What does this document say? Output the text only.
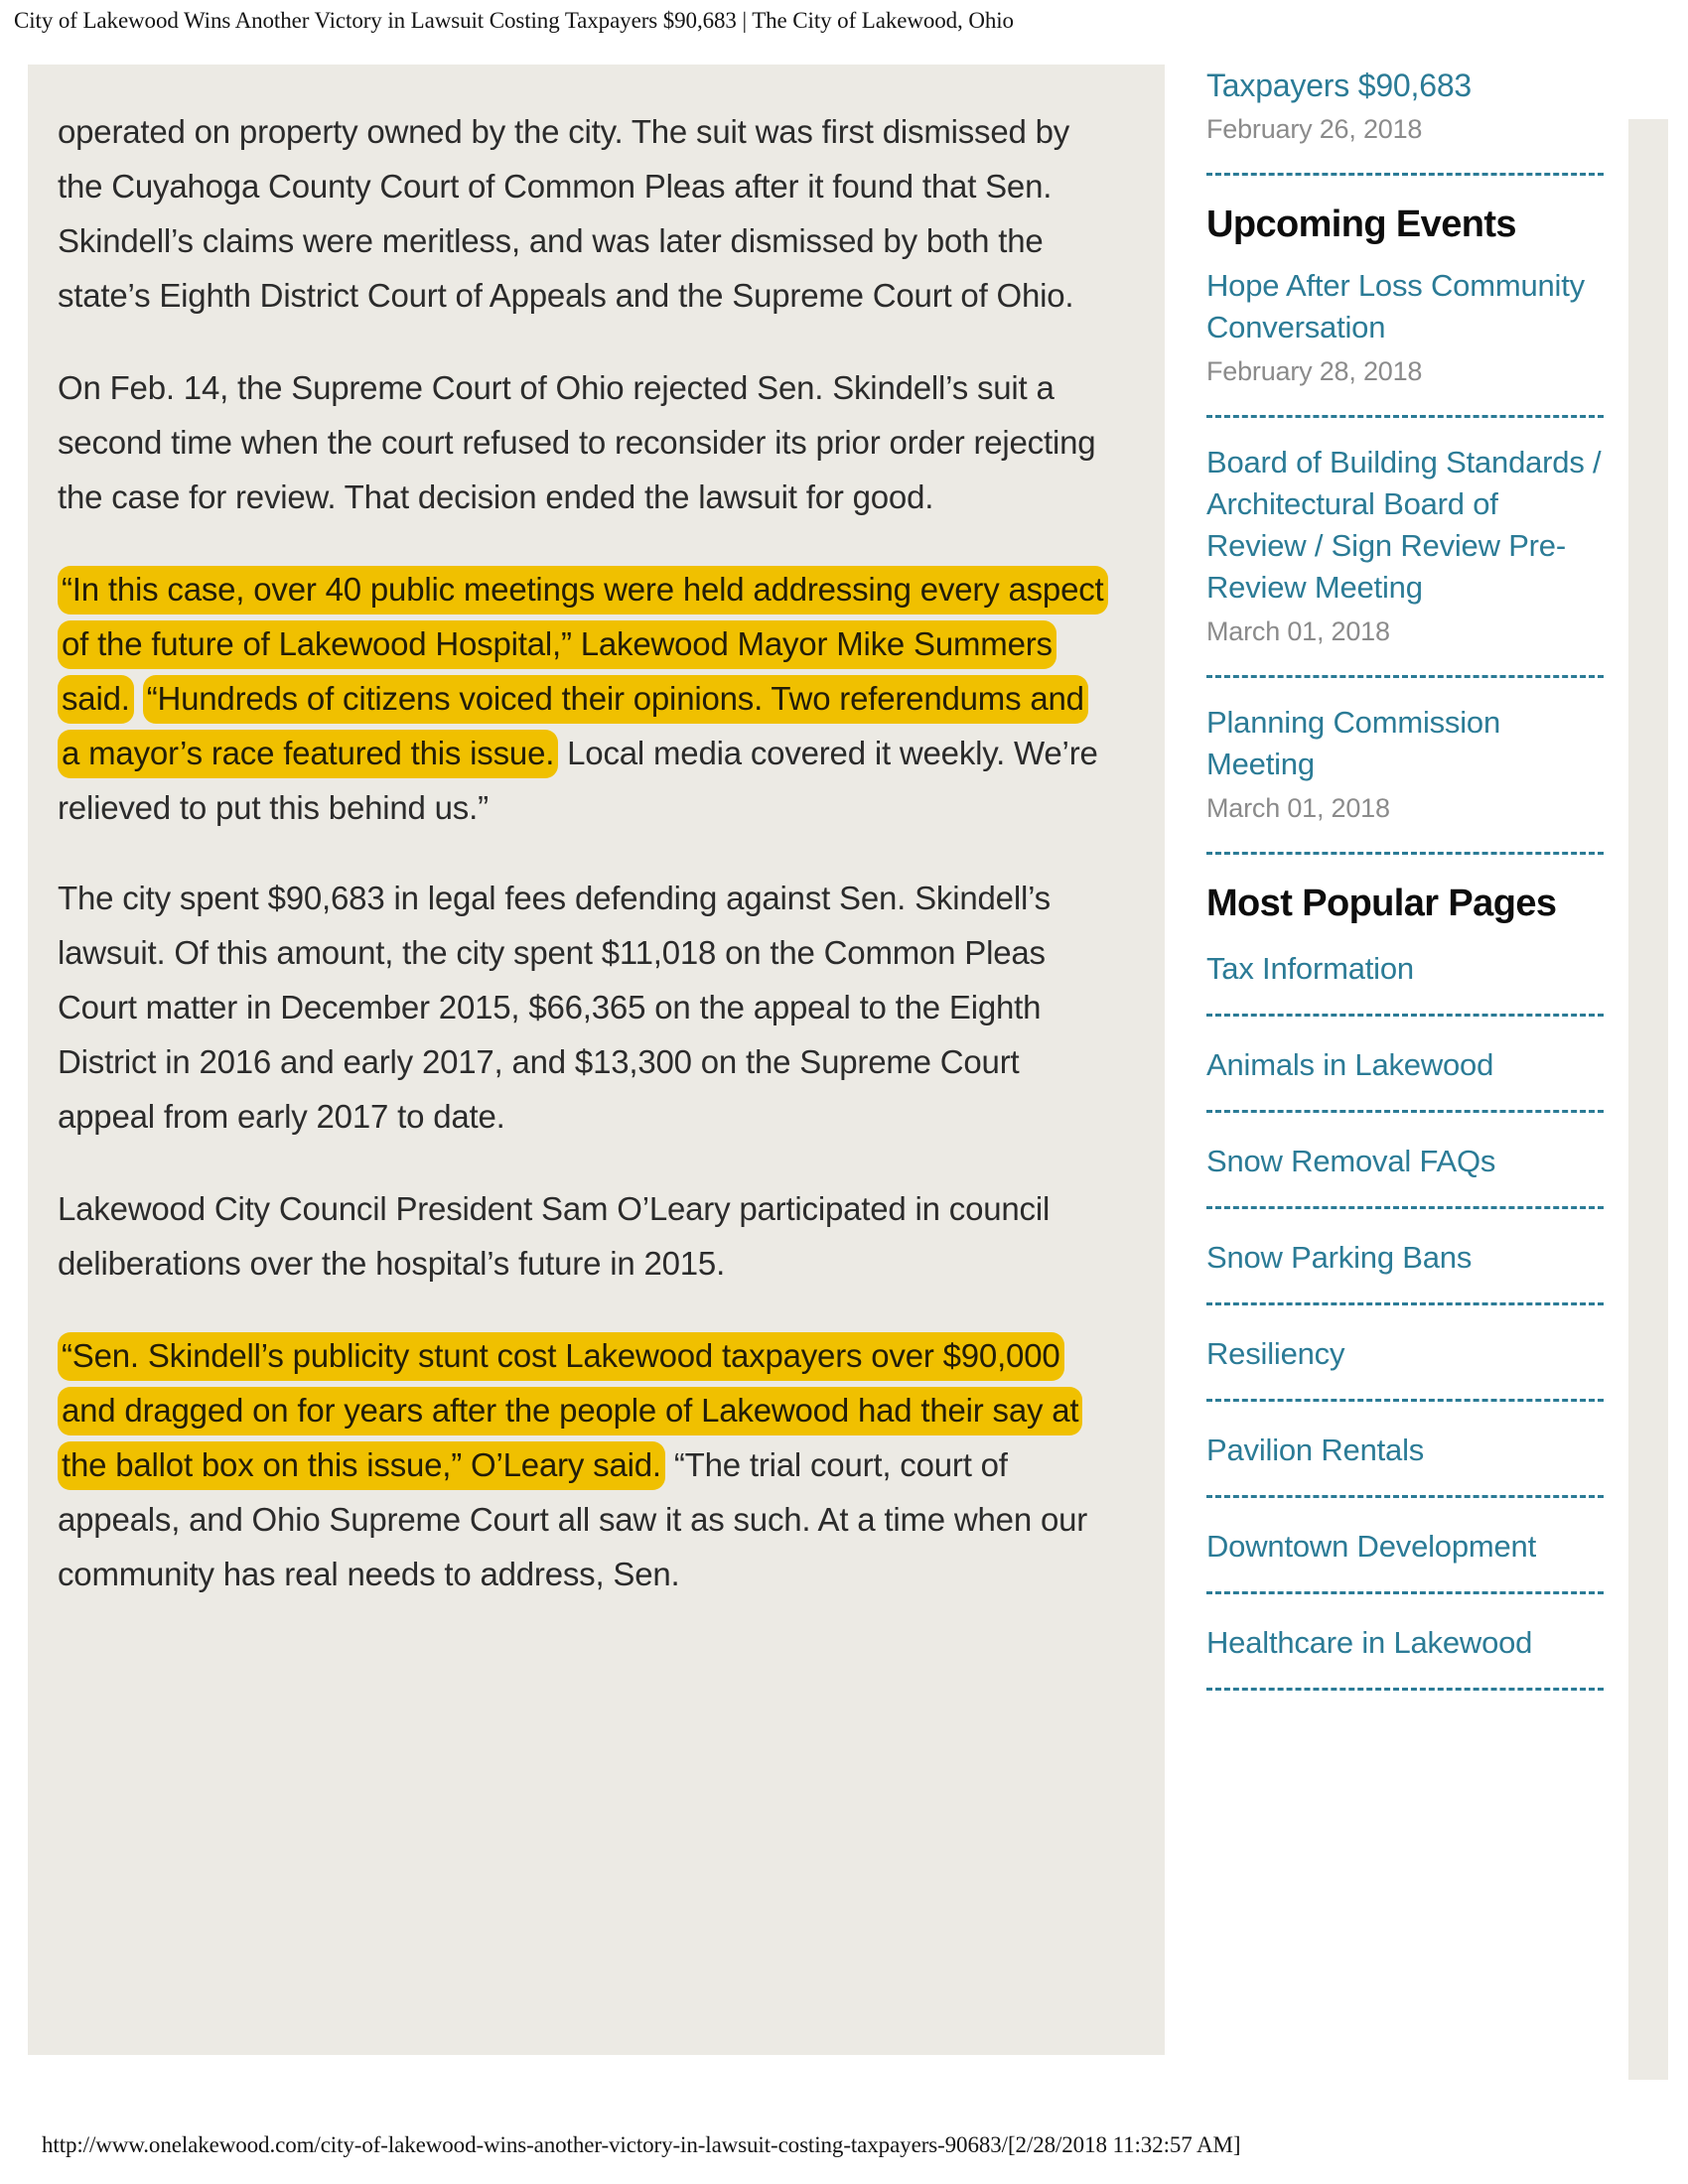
City of Lakewood Wins Another Victory in Lawsuit Costing Taxpayers $90,683 | The City of Lakewood, Ohio

operated on property owned by the city. The suit was first dismissed by the Cuyahoga County Court of Common Pleas after it found that Sen. Skindell’s claims were meritless, and was later dismissed by both the state’s Eighth District Court of Appeals and the Supreme Court of Ohio.

On Feb. 14, the Supreme Court of Ohio rejected Sen. Skindell’s suit a second time when the court refused to reconsider its prior order rejecting the case for review. That decision ended the lawsuit for good.

“In this case, over 40 public meetings were held addressing every aspect of the future of Lakewood Hospital,” Lakewood Mayor Mike Summers said. “Hundreds of citizens voiced their opinions. Two referendums and a mayor’s race featured this issue. Local media covered it weekly. We’re relieved to put this behind us.”

The city spent $90,683 in legal fees defending against Sen. Skindell’s lawsuit. Of this amount, the city spent $11,018 on the Common Pleas Court matter in December 2015, $66,365 on the appeal to the Eighth District in 2016 and early 2017, and $13,300 on the Supreme Court appeal from early 2017 to date.

Lakewood City Council President Sam O’Leary participated in council deliberations over the hospital’s future in 2015.

“Sen. Skindell’s publicity stunt cost Lakewood taxpayers over $90,000 and dragged on for years after the people of Lakewood had their say at the ballot box on this issue,” O’Leary said. “The trial court, court of appeals, and Ohio Supreme Court all saw it as such. At a time when our community has real needs to address, Sen.

Taxpayers $90,683
February 26, 2018
Upcoming Events
Hope After Loss Community Conversation
February 28, 2018
Board of Building Standards / Architectural Board of Review / Sign Review Pre-Review Meeting
March 01, 2018
Planning Commission Meeting
March 01, 2018
Most Popular Pages
Tax Information
Animals in Lakewood
Snow Removal FAQs
Snow Parking Bans
Resiliency
Pavilion Rentals
Downtown Development
Healthcare in Lakewood
http://www.onelakewood.com/city-of-lakewood-wins-another-victory-in-lawsuit-costing-taxpayers-90683/[2/28/2018 11:32:57 AM]
